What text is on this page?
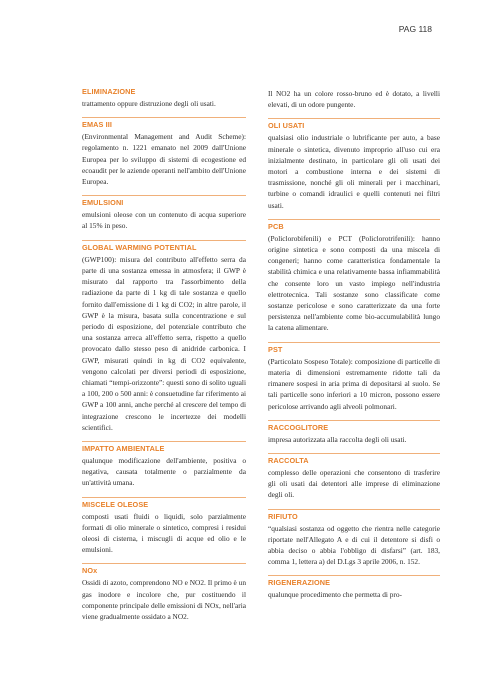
PAG 118
ELIMINAZIONE

trattamento oppure distruzione degli oli usati.

EMAS III

(Environmental Management and Audit Scheme): regolamento n. 1221 emanato nel 2009 dall'Unione Europea per lo sviluppo di sistemi di ecogestione ed ecoaudit per le aziende operanti nell'ambito dell'Unione Europea.

EMULSIONI

emulsioni oleose con un contenuto di acqua superiore al 15% in peso.

GLOBAL WARMING POTENTIAL

(GWP100): misura del contributo all'effetto serra da parte di una sostanza emessa in atmosfera; il GWP è misurato dal rapporto tra l'assorbimento della radiazione da parte di 1 kg di tale sostanza e quello fornito dall'emissione di 1 kg di CO2; in altre parole, il GWP è la misura, basata sulla concentrazione e sul periodo di esposizione, del potenziale contributo che una sostanza arreca all'effetto serra, rispetto a quello provocato dallo stesso peso di anidride carbonica. I GWP, misurati quindi in kg di CO2 equivalente, vengono calcolati per diversi periodi di esposizione, chiamati “tempi-orizzonte”: questi sono di solito uguali a 100, 200 o 500 anni: è consuetudine far riferimento ai GWP a 100 anni, anche perché al crescere del tempo di integrazione crescono le incertezze dei modelli scientifici.

IMPATTO AMBIENTALE

qualunque modificazione dell'ambiente, positiva o negativa, causata totalmente o parzialmente da un'attività umana.

MISCELE OLEOSE

composti usati fluidi o liquidi, solo parzialmente formati di olio minerale o sintetico, compresi i residui oleosi di cisterna, i miscugli di acque ed olio e le emulsioni.

NOx

Ossidi di azoto, comprendono NO e NO2. Il primo è un gas inodore e incolore che, pur costituendo il componente principale delle emissioni di NOx, nell'aria viene gradualmente ossidato a NO2.

Il NO2 ha un colore rosso-bruno ed è dotato, a livelli elevati, di un odore pungente.

OLI USATI

qualsiasi olio industriale o lubrificante per auto, a base minerale o sintetica, divenuto improprio all'uso cui era inizialmente destinato, in particolare gli oli usati dei motori a combustione interna e dei sistemi di trasmissione, nonché gli oli minerali per i macchinari, turbine o comandi idraulici e quelli contenuti nei filtri usati.

PCB

(Policlorobifenili) e PCT (Policlorotrifenili): hanno origine sintetica e sono composti da una miscela di congeneri; hanno come caratteristica fondamentale la stabilità chimica e una relativamente bassa infiammabilità che consente loro un vasto impiego nell'industria elettrotecnica. Tali sostanze sono classificate come sostanze pericolose e sono caratterizzate da una forte persistenza nell'ambiente come bio-accumulabilità lungo la catena alimentare.

PST

(Particolato Sospeso Totale): composizione di particelle di materia di dimensioni estremamente ridotte tali da rimanere sospesi in aria prima di depositarsi al suolo. Se tali particelle sono inferiori a 10 micron, possono essere pericolose arrivando agli alveoli polmonari.

RACCOGLITORE

impresa autorizzata alla raccolta degli oli usati.

RACCOLTA

complesso delle operazioni che consentono di trasferire gli oli usati dai detentori alle imprese di eliminazione degli oli.

RIFIUTO

“qualsiasi sostanza od oggetto che rientra nelle categorie riportate nell'Allegato A e di cui il detentore si disfi o abbia deciso o abbia l'obbligo di disfarsi” (art. 183, comma 1, lettera a) del D.Lgs 3 aprile 2006, n. 152.

RIGENERAZIONE

qualunque procedimento che permetta di pro-
